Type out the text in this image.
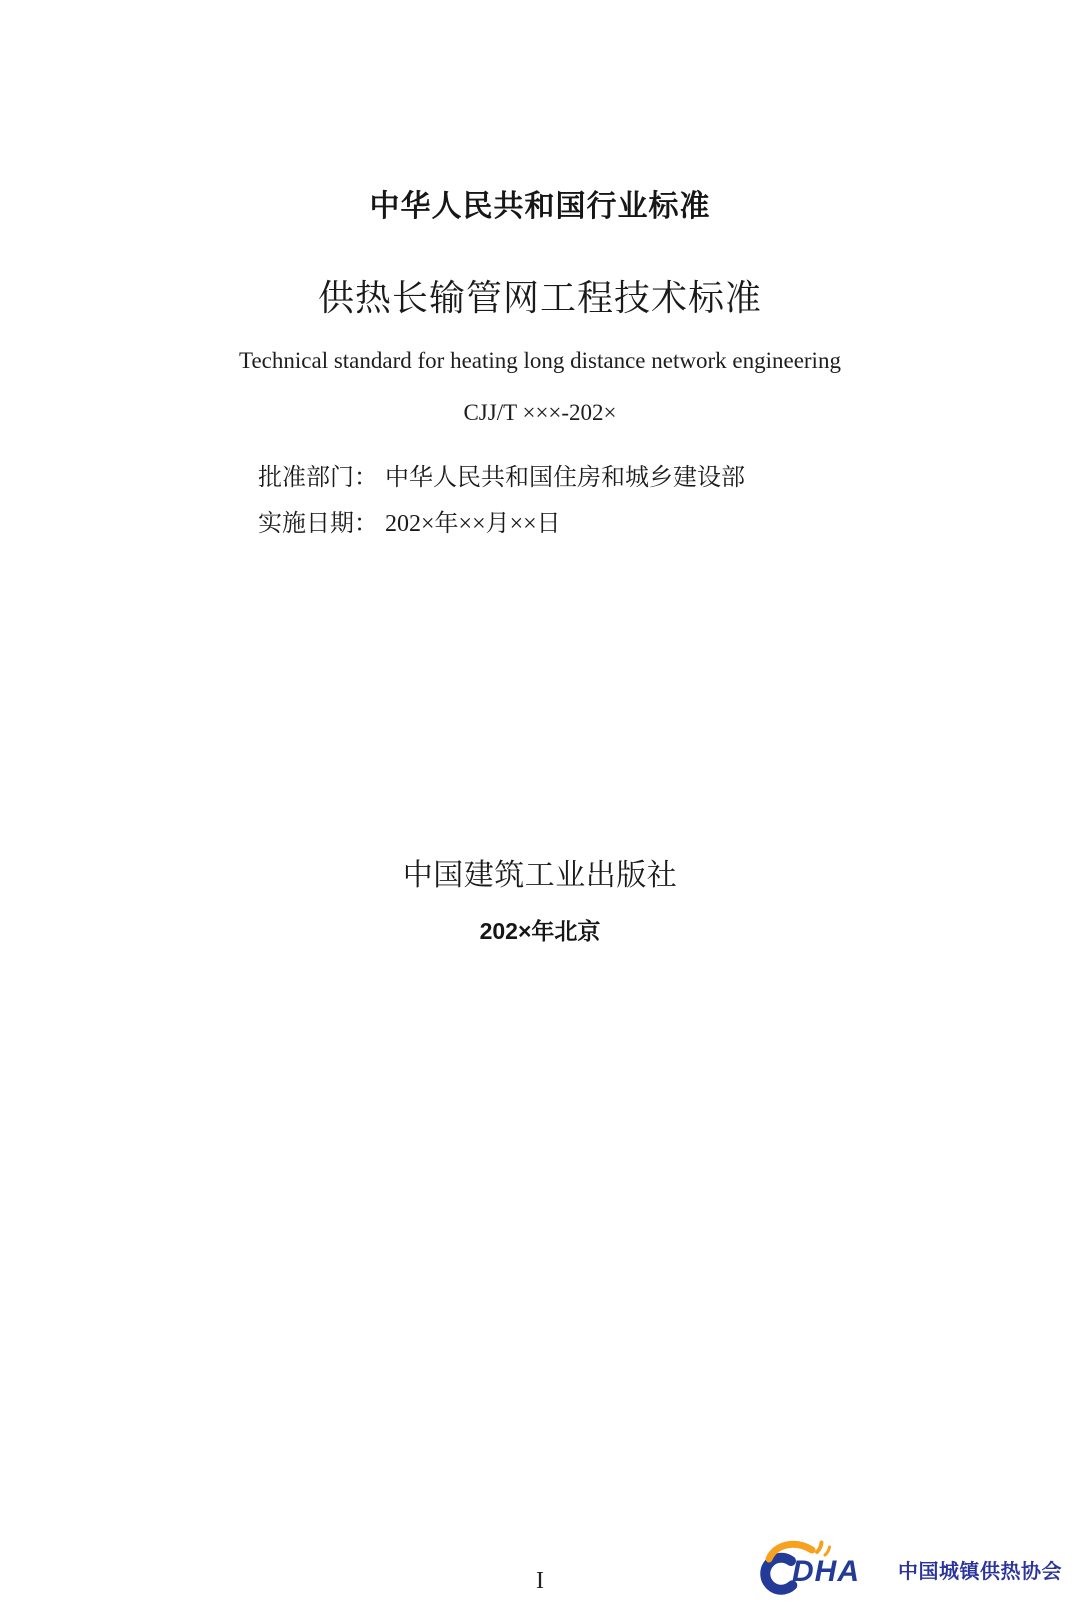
中华人民共和国行业标准
供热长输管网工程技术标准
Technical standard for heating long distance network engineering
CJJ/T ×××-202×
批准部门： 中华人民共和国住房和城乡建设部
实施日期： 202×年××月××日
中国建筑工业出版社
202×年北京
I	DHA 中国城镇供热协会
